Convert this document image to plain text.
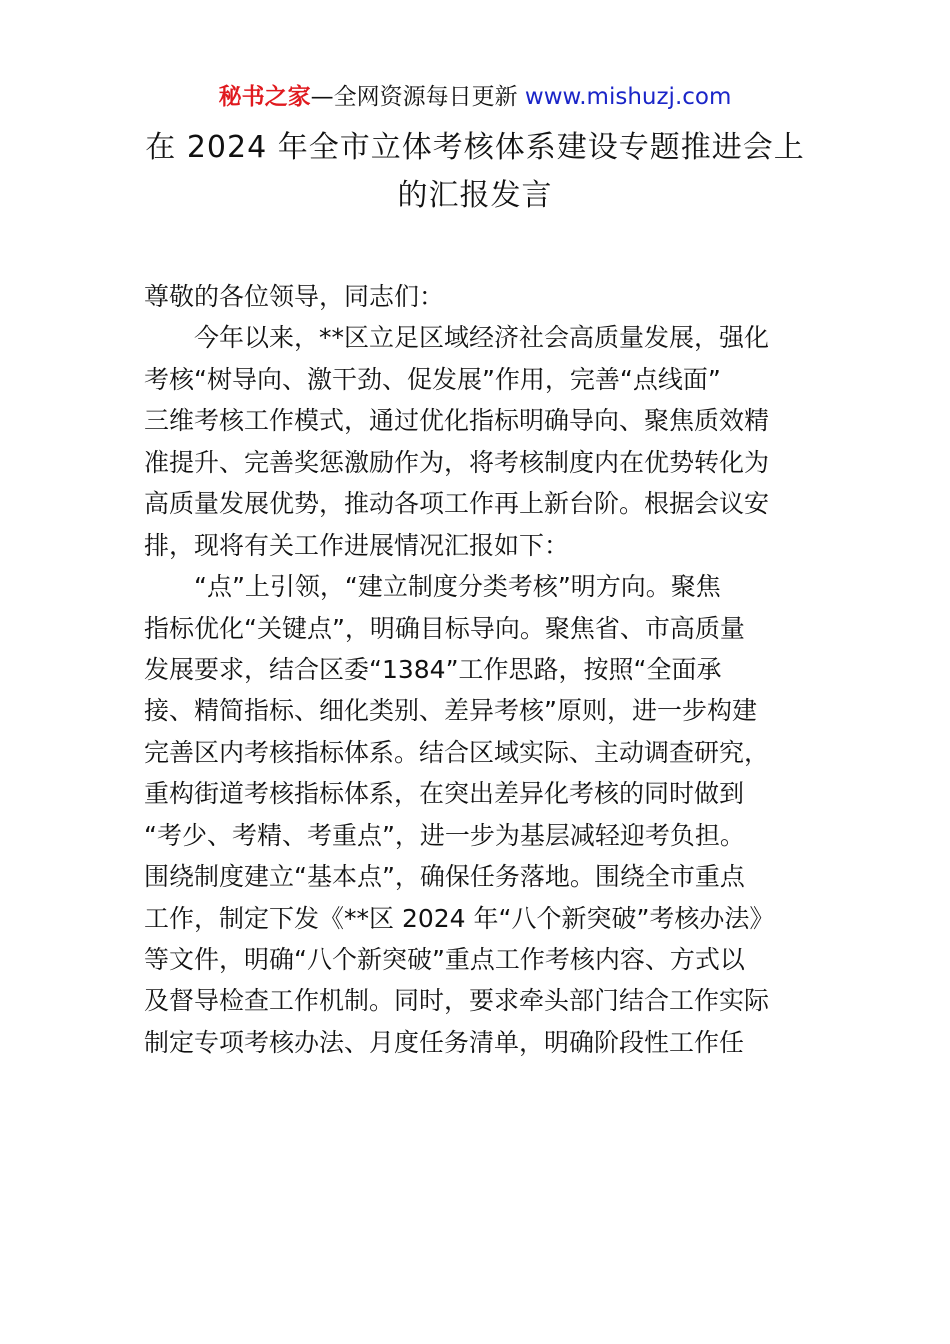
秘书之家—全网资源每日更新 www.mishuzj.com
在 2024 年全市立体考核体系建设专题推进会上
的汇报发言
尊敬的各位领导，同志们：
今年以来，**区立足区域经济社会高质量发展，强化
考核“树导向、激干劲、促发展”作用，完善“点线面”
三维考核工作模式，通过优化指标明确导向、聚焦质效精
准提升、完善奖惩激励作为，将考核制度内在优势转化为
高质量发展优势，推动各项工作再上新台阶。根据会议安
排，现将有关工作进展情况汇报如下：
“点”上引领，“建立制度分类考核”明方向。聚焦
指标优化“关键点”，明确目标导向。聚焦省、市高质量
发展要求，结合区委“1384”工作思路，按照“全面承
接、精简指标、细化类别、差异考核”原则，进一步构建
完善区内考核指标体系。结合区域实际、主动调查研究，
重构街道考核指标体系，在突出差异化考核的同时做到
“考少、考精、考重点”，进一步为基层减轻迎考负担。
围绕制度建立“基本点”，确保任务落地。围绕全市重点
工作，制定下发《**区 2024 年“八个新突破”考核办法》
等文件，明确“八个新突破”重点工作考核内容、方式以
及督导检查工作机制。同时，要求牵头部门结合工作实际
制定专项考核办法、月度任务清单，明确阶段性工作任
